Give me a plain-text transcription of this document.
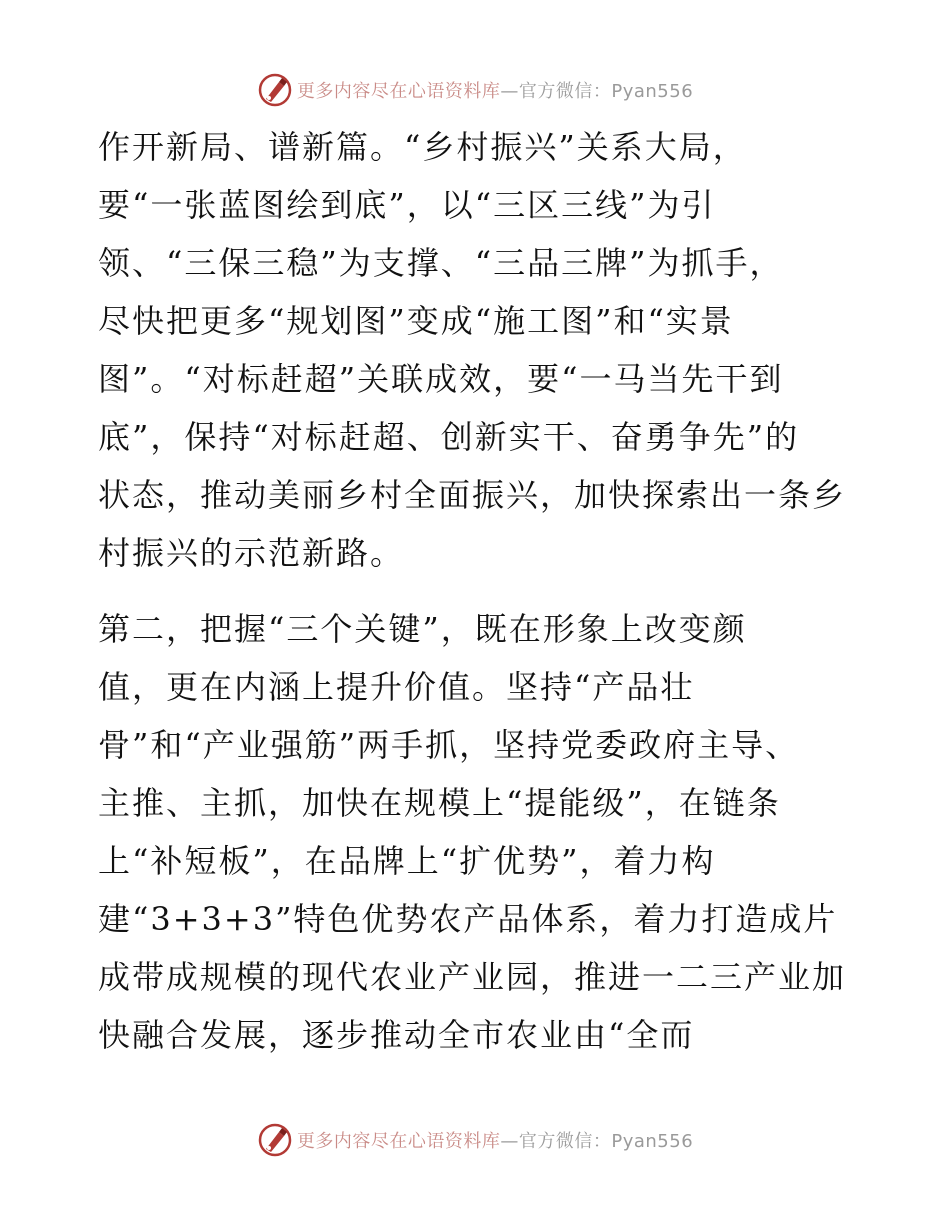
更多内容尽在心语资料库—官方微信：Pyan556
作开新局、谱新篇。“乡村振兴”关系大局，
要“一张蓝图绘到底”，以“三区三线”为引
领、“三保三稳”为支撑、“三品三牌”为抓手，
尽快把更多“规划图”变成“施工图”和“实景
图”。“对标赶超”关联成效，要“一马当先干到
底”，保持“对标赶超、创新实干、奋勇争先”的
状态，推动美丽乡村全面振兴，加快探索出一条乡
村振兴的示范新路。
第二，把握“三个关键”，既在形象上改变颜
值，更在内涵上提升价值。坚持“产品壮
骨”和“产业强筋”两手抓，坚持党委政府主导、
主推、主抓，加快在规模上“提能级”，在链条
上“补短板”，在品牌上“扩优势”，着力构
建“3+3+3”特色优势农产品体系，着力打造成片
成带成规模的现代农业产业园，推进一二三产业加
快融合发展，逐步推动全市农业由“全而
更多内容尽在心语资料库—官方微信：Pyan556
